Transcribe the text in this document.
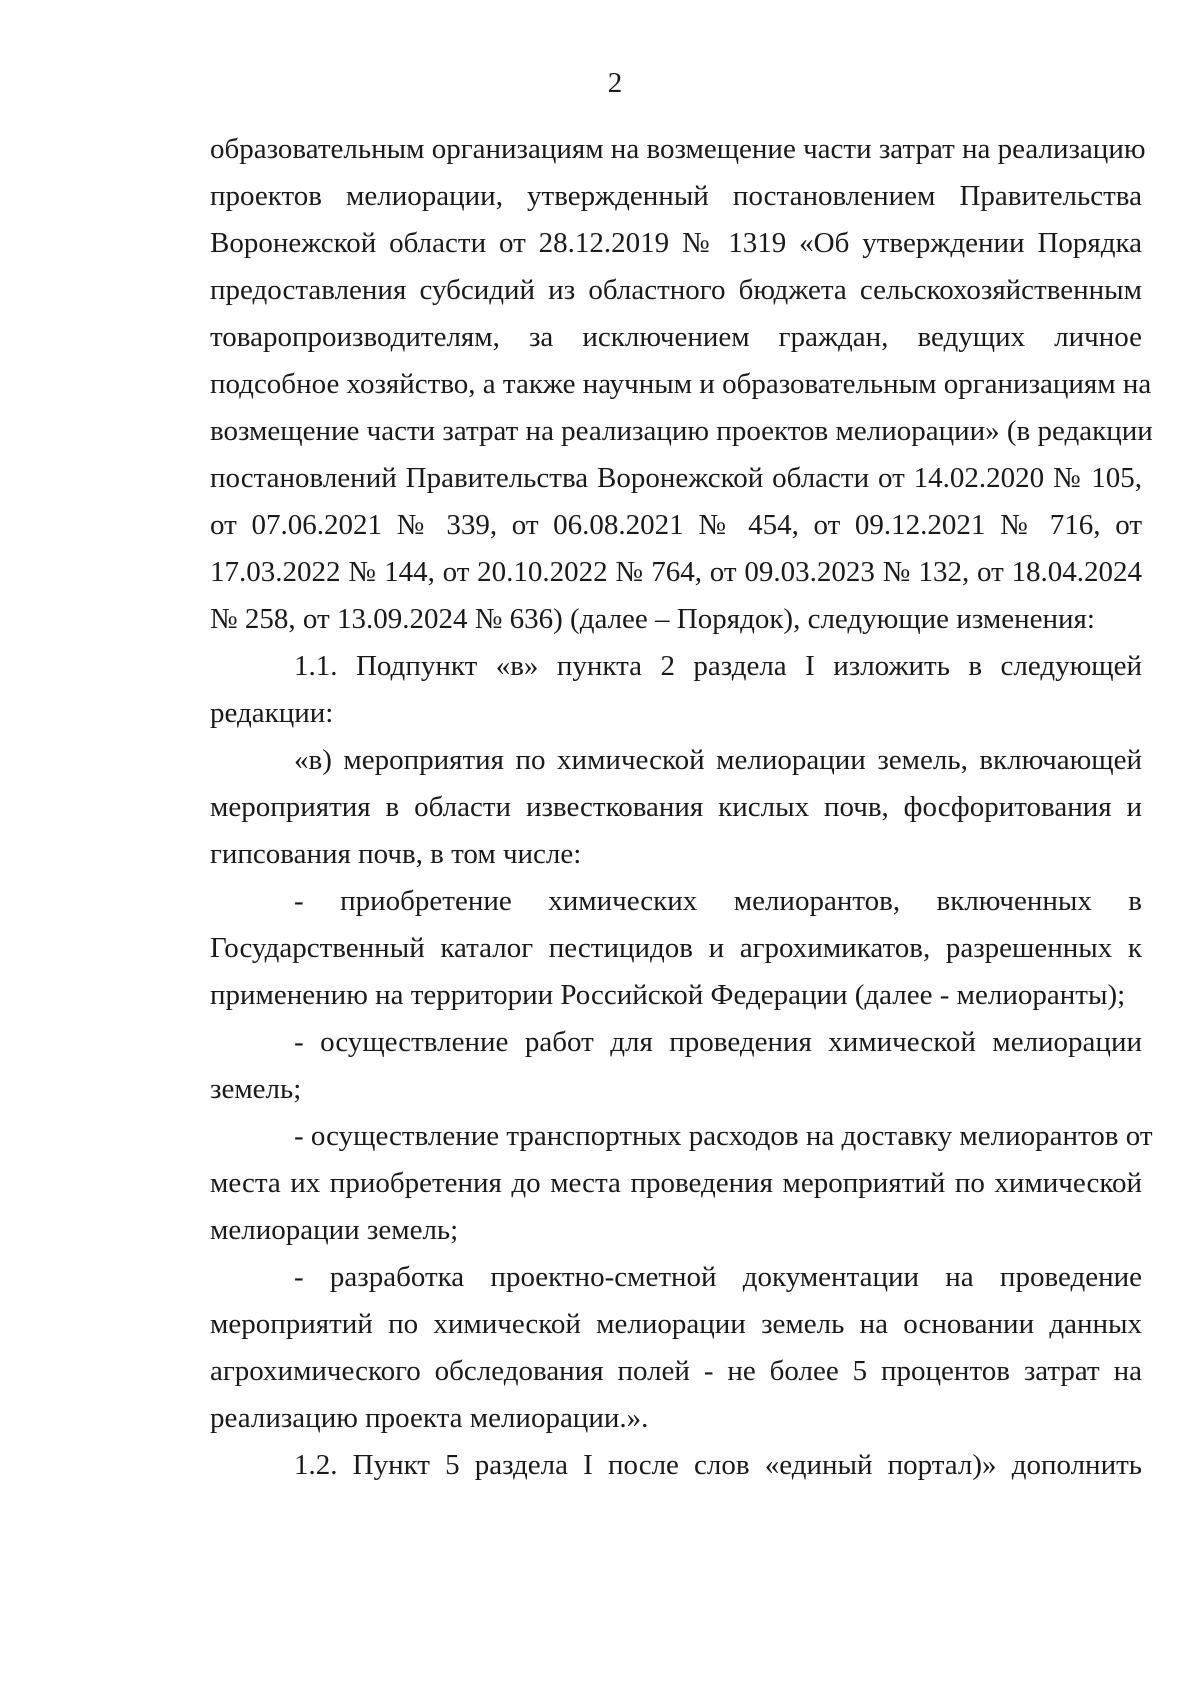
2
образовательным организациям на возмещение части затрат на реализацию
проектов мелиорации, утвержденный постановлением Правительства
Воронежской области от 28.12.2019 № 1319 «Об утверждении Порядка
предоставления субсидий из областного бюджета сельскохозяйственным
товаропроизводителям, за исключением граждан, ведущих личное
подсобное хозяйство, а также научным и образовательным организациям на
возмещение части затрат на реализацию проектов мелиорации» (в редакции
постановлений Правительства Воронежской области от 14.02.2020 № 105,
от 07.06.2021 № 339, от 06.08.2021 № 454, от 09.12.2021 № 716, от
17.03.2022 № 144, от 20.10.2022 № 764, от 09.03.2023 № 132, от 18.04.2024
№ 258, от 13.09.2024 № 636) (далее – Порядок), следующие изменения:
1.1. Подпункт «в» пункта 2 раздела I изложить в следующей
редакции:
«в) мероприятия по химической мелиорации земель, включающей
мероприятия в области известкования кислых почв, фосфоритования и
гипсования почв, в том числе:
- приобретение химических мелиорантов, включенных в
Государственный каталог пестицидов и агрохимикатов, разрешенных к
применению на территории Российской Федерации (далее - мелиоранты);
- осуществление работ для проведения химической мелиорации
земель;
- осуществление транспортных расходов на доставку мелиорантов от
места их приобретения до места проведения мероприятий по химической
мелиорации земель;
- разработка проектно-сметной документации на проведение
мероприятий по химической мелиорации земель на основании данных
агрохимического обследования полей - не более 5 процентов затрат на
реализацию проекта мелиорации.».
1.2. Пункт 5 раздела I после слов «единый портал)» дополнить
